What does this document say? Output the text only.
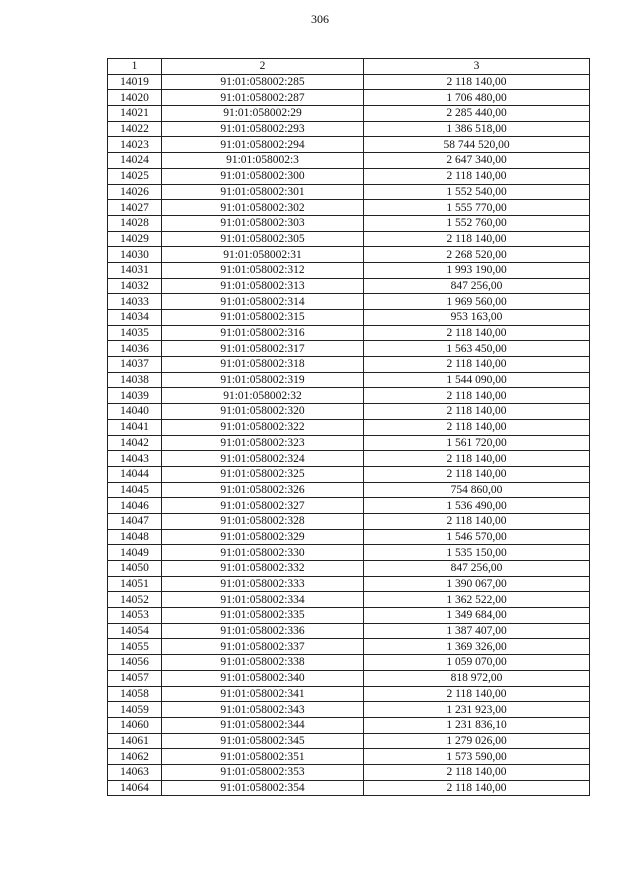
306
1	2	3
14019	91:01:058002:285	2 118 140,00
14020	91:01:058002:287	1 706 480,00
14021	91:01:058002:29	2 285 440,00
14022	91:01:058002:293	1 386 518,00
14023	91:01:058002:294	58 744 520,00
14024	91:01:058002:3	2 647 340,00
14025	91:01:058002:300	2 118 140,00
14026	91:01:058002:301	1 552 540,00
14027	91:01:058002:302	1 555 770,00
14028	91:01:058002:303	1 552 760,00
14029	91:01:058002:305	2 118 140,00
14030	91:01:058002:31	2 268 520,00
14031	91:01:058002:312	1 993 190,00
14032	91:01:058002:313	847 256,00
14033	91:01:058002:314	1 969 560,00
14034	91:01:058002:315	953 163,00
14035	91:01:058002:316	2 118 140,00
14036	91:01:058002:317	1 563 450,00
14037	91:01:058002:318	2 118 140,00
14038	91:01:058002:319	1 544 090,00
14039	91:01:058002:32	2 118 140,00
14040	91:01:058002:320	2 118 140,00
14041	91:01:058002:322	2 118 140,00
14042	91:01:058002:323	1 561 720,00
14043	91:01:058002:324	2 118 140,00
14044	91:01:058002:325	2 118 140,00
14045	91:01:058002:326	754 860,00
14046	91:01:058002:327	1 536 490,00
14047	91:01:058002:328	2 118 140,00
14048	91:01:058002:329	1 546 570,00
14049	91:01:058002:330	1 535 150,00
14050	91:01:058002:332	847 256,00
14051	91:01:058002:333	1 390 067,00
14052	91:01:058002:334	1 362 522,00
14053	91:01:058002:335	1 349 684,00
14054	91:01:058002:336	1 387 407,00
14055	91:01:058002:337	1 369 326,00
14056	91:01:058002:338	1 059 070,00
14057	91:01:058002:340	818 972,00
14058	91:01:058002:341	2 118 140,00
14059	91:01:058002:343	1 231 923,00
14060	91:01:058002:344	1 231 836,10
14061	91:01:058002:345	1 279 026,00
14062	91:01:058002:351	1 573 590,00
14063	91:01:058002:353	2 118 140,00
14064	91:01:058002:354	2 118 140,00
